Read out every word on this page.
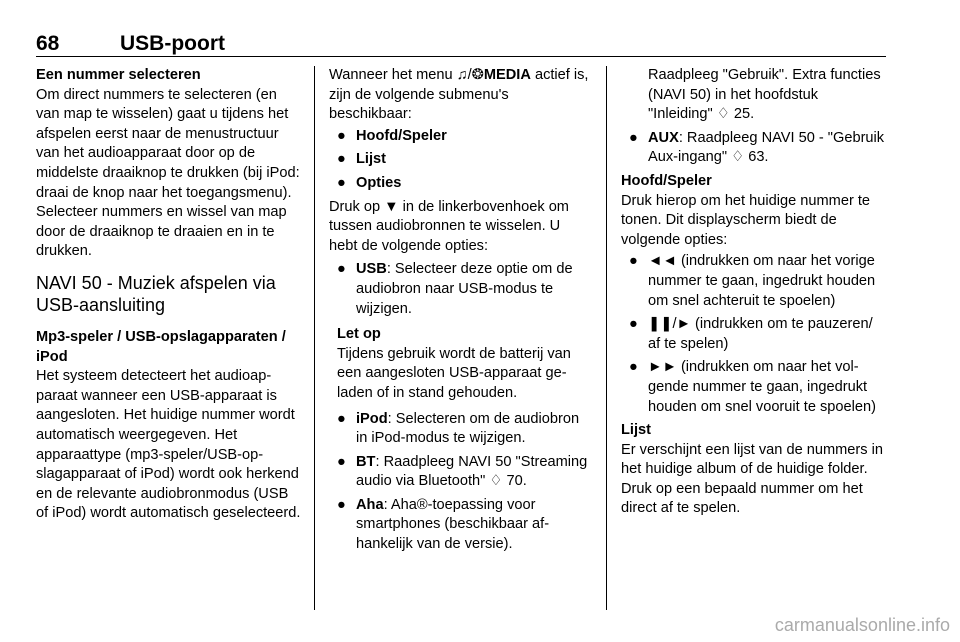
68	USB-poort

Een nummer selecteren

Om direct nummers te selecteren (en van map te wisselen) gaat u tijdens het afspelen eerst naar de menustructuur van het audioapparaat door op de middelste draaiknop te drukken (bij iPod: draai de knop naar het toegangsmenu). Selecteer nummers en wissel van map door de draaiknop te draaien en in te drukken.

NAVI 50 - Muziek afspelen via USB-aansluiting

Mp3-speler / USB-opslagapparaten / iPod

Het systeem detecteert het audioapparaat wanneer een USB-apparaat is aangesloten. Het huidige nummer wordt automatisch weergegeven. Het apparaattype (mp3-speler/USB-opslagapparaat of iPod) wordt ook herkend en de relevante audiobronmodus (USB of iPod) wordt automatisch geselecteerd.

Wanneer het menu ♫/❂MEDIA actief is, zijn de volgende submenu's beschikbaar:

● Hoofd/Speler
● Lijst
● Opties

Druk op ▼ in de linkerbovenhoek om tussen audiobronnen te wisselen. U hebt de volgende opties:

● USB: Selecteer deze optie om de audiobron naar USB-modus te wijzigen.

Let op

Tijdens gebruik wordt de batterij van een aangesloten USB-apparaat geladen of in stand gehouden.

● iPod: Selecteren om de audiobron in iPod-modus te wijzigen.
● BT: Raadpleeg NAVI 50 "Streaming audio via Bluetooth" ♢ 70.
● Aha: Aha®-toepassing voor smartphones (beschikbaar afhankelijk van de versie).

Raadpleeg "Gebruik". Extra functies (NAVI 50) in het hoofdstuk "Inleiding" ♢ 25.

● AUX: Raadpleeg NAVI 50 - "Gebruik Aux-ingang" ♢ 63.

Hoofd/Speler

Druk hierop om het huidige nummer te tonen. Dit displayscherm biedt de volgende opties:

● ◄◄ (indrukken om naar het vorige nummer te gaan, ingedrukt houden om snel achteruit te spoelen)
● ❚❚/► (indrukken om te pauzeren/ af te spelen)
● ►► (indrukken om naar het volgende nummer te gaan, ingedrukt houden om snel vooruit te spoelen)

Lijst

Er verschijnt een lijst van de nummers in het huidige album of de huidige folder. Druk op een bepaald nummer om het direct af te spelen.

carmanualsonline.info
